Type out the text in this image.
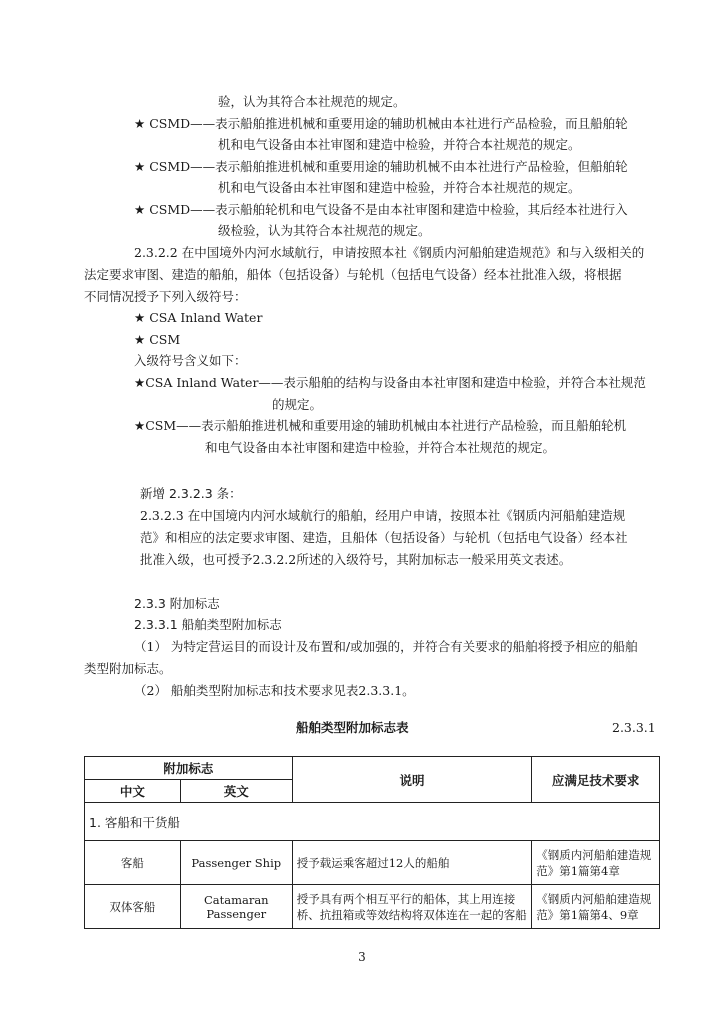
验，认为其符合本社规范的规定。
★ CSMD——表示船舶推进机械和重要用途的辅助机械由本社进行产品检验，而且船舶轮
机和电气设备由本社审图和建造中检验，并符合本社规范的规定。
★ CSMD——表示船舶推进机械和重要用途的辅助机械不由本社进行产品检验，但船舶轮
机和电气设备由本社审图和建造中检验，并符合本社规范的规定。
★ CSMD——表示船舶轮机和电气设备不是由本社审图和建造中检验，其后经本社进行入
级检验，认为其符合本社规范的规定。
2.3.2.2 在中国境外内河水域航行，申请按照本社《钢质内河船舶建造规范》和与入级相关的
法定要求审图、建造的船舶，船体（包括设备）与轮机（包括电气设备）经本社批准入级，将根据
不同情况授予下列入级符号：
★ CSA Inland Water
★ CSM
入级符号含义如下：
★CSA Inland Water——表示船舶的结构与设备由本社审图和建造中检验，并符合本社规范
的规定。
★CSM——表示船舶推进机械和重要用途的辅助机械由本社进行产品检验，而且船舶轮机
和电气设备由本社审图和建造中检验，并符合本社规范的规定。
新增 2.3.2.3 条：
2.3.2.3 在中国境内内河水域航行的船舶，经用户申请，按照本社《钢质内河船舶建造规
范》和相应的法定要求审图、建造，且船体（包括设备）与轮机（包括电气设备）经本社
批准入级，也可授予2.3.2.2所述的入级符号，其附加标志一般采用英文表述。
2.3.3 附加标志
2.3.3.1 船舶类型附加标志
（1） 为特定营运目的而设计及布置和/或加强的，并符合有关要求的船舶将授予相应的船舶
类型附加标志。
（2） 船舶类型附加标志和技术要求见表2.3.3.1。
船舶类型附加标志表	2.3.3.1
附加标志		说明	应满足技术要求
中文	英文		
1. 客船和干货船			
客船	Passenger Ship	授予载运乘客超过12人的船舶	《钢质内河船舶建造规范》第1篇第4章
双体客船	Catamaran Passenger	授予具有两个相互平行的船体，其上用连接桥、抗扭箱或等效结构将双体连在一起的客船	《钢质内河船舶建造规范》第1篇第4、9章
3
